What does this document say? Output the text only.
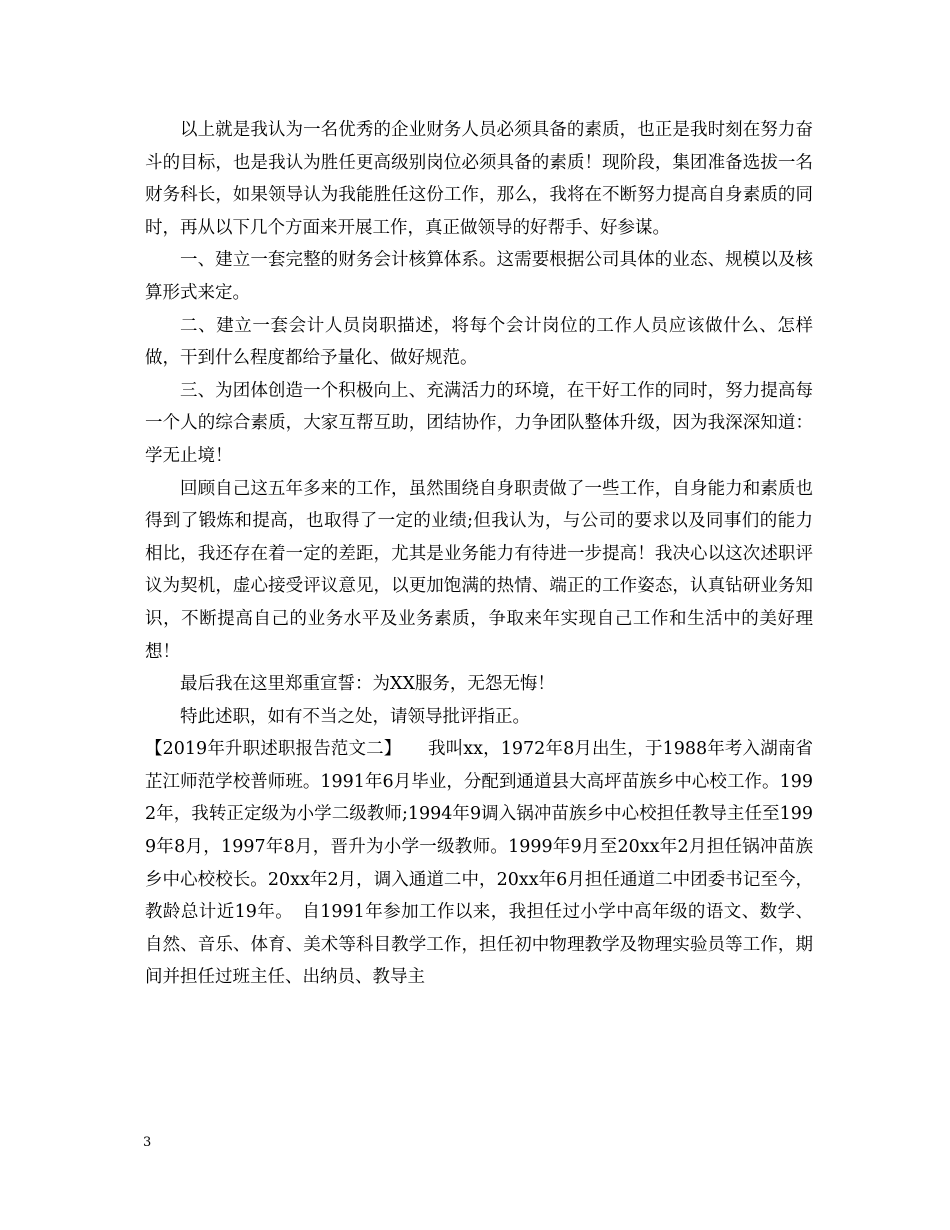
以上就是我认为一名优秀的企业财务人员必须具备的素质，也正是我时刻在努力奋斗的目标，也是我认为胜任更高级别岗位必须具备的素质！现阶段，集团准备选拔一名财务科长，如果领导认为我能胜任这份工作，那么，我将在不断努力提高自身素质的同时，再从以下几个方面来开展工作，真正做领导的好帮手、好参谋。

一、建立一套完整的财务会计核算体系。这需要根据公司具体的业态、规模以及核算形式来定。

二、建立一套会计人员岗职描述，将每个会计岗位的工作人员应该做什么、怎样做，干到什么程度都给予量化、做好规范。

三、为团体创造一个积极向上、充满活力的环境，在干好工作的同时，努力提高每一个人的综合素质，大家互帮互助，团结协作，力争团队整体升级，因为我深深知道：学无止境！

回顾自己这五年多来的工作，虽然围绕自身职责做了一些工作，自身能力和素质也得到了锻炼和提高，也取得了一定的业绩;但我认为，与公司的要求以及同事们的能力相比，我还存在着一定的差距，尤其是业务能力有待进一步提高！我决心以这次述职评议为契机，虚心接受评议意见，以更加饱满的热情、端正的工作姿态，认真钻研业务知识，不断提高自己的业务水平及业务素质，争取来年实现自己工作和生活中的美好理想！

最后我在这里郑重宣誓：为XX服务，无怨无悔！

特此述职，如有不当之处，请领导批评指正。

【2019年升职述职报告范文二】　　我叫xx，1972年8月出生，于1988年考入湖南省芷江师范学校普师班。1991年6月毕业，分配到通道县大高坪苗族乡中心校工作。1992年，我转正定级为小学二级教师;1994年9调入锅冲苗族乡中心校担任教导主任至1999年8月，1997年8月，晋升为小学一级教师。1999年9月至20xx年2月担任锅冲苗族乡中心校校长。20xx年2月，调入通道二中，20xx年6月担任通道二中团委书记至今，教龄总计近19年。　自1991年参加工作以来，我担任过小学中高年级的语文、数学、自然、音乐、体育、美术等科目教学工作，担任初中物理教学及物理实验员等工作，期间并担任过班主任、出纳员、教导主

3
